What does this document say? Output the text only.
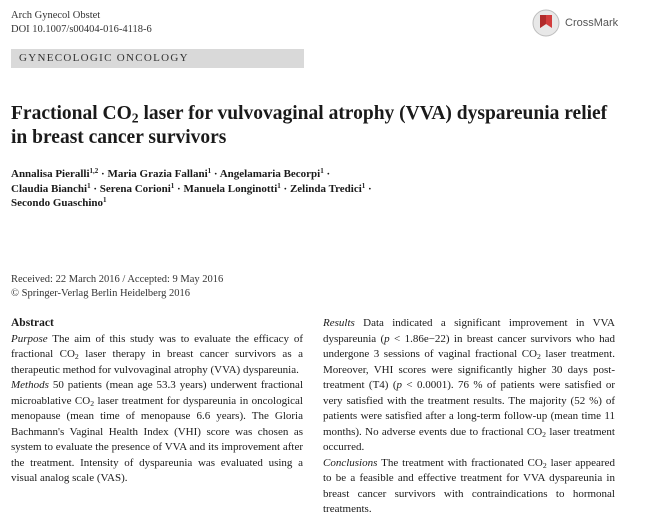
Arch Gynecol Obstet
DOI 10.1007/s00404-016-4118-6
CrossMark
GYNECOLOGIC ONCOLOGY
Fractional $CO_2$ laser for vulvovaginal atrophy (VVA) dyspareunia relief in breast cancer survivors
Annalisa Pieralli$^{1,2}$ · Maria Grazia Fallani$^1$ · Angelamaria Becorpi$^1$ ·
Claudia Bianchi$^1$ · Serena Corioni$^1$ · Manuela Longinotti$^1$ · Zelinda Tredici$^1$ ·
Secondo Guaschino$^1$
Received: 22 March 2016 / Accepted: 9 May 2016
© Springer-Verlag Berlin Heidelberg 2016
Abstract
Purpose The aim of this study was to evaluate the efficacy of fractional $CO_2$ laser therapy in breast cancer survivors as a therapeutic method for vulvovaginal atrophy (VVA) dyspareunia.
Methods 50 patients (mean age 53.3 years) underwent fractional microablative $CO_2$ laser treatment for dyspareunia in oncological menopause (mean time of menopause 6.6 years). The Gloria Bachmann's Vaginal Health Index (VHI) score was chosen as system to evaluate the presence of VVA and its improvement after the treatment. Intensity of dyspareunia was evaluated using a visual analog scale (VAS).
Results Data indicated a significant improvement in VVA dyspareunia (p < 1.86e−22) in breast cancer survivors who had undergone 3 sessions of vaginal fractional $CO_2$ laser treatment. Moreover, VHI scores were significantly higher 30 days post-treatment (T4) (p < 0.0001). 76 % of patients were satisfied or very satisfied with the treatment results. The majority (52 %) of patients were satisfied after a long-term follow-up (mean time 11 months). No adverse events due to fractional $CO_2$ laser treatment occurred.
Conclusions The treatment with fractionated $CO_2$ laser appeared to be a feasible and effective treatment for VVA dyspareunia in breast cancer survivors with contraindications to hormonal treatments.
